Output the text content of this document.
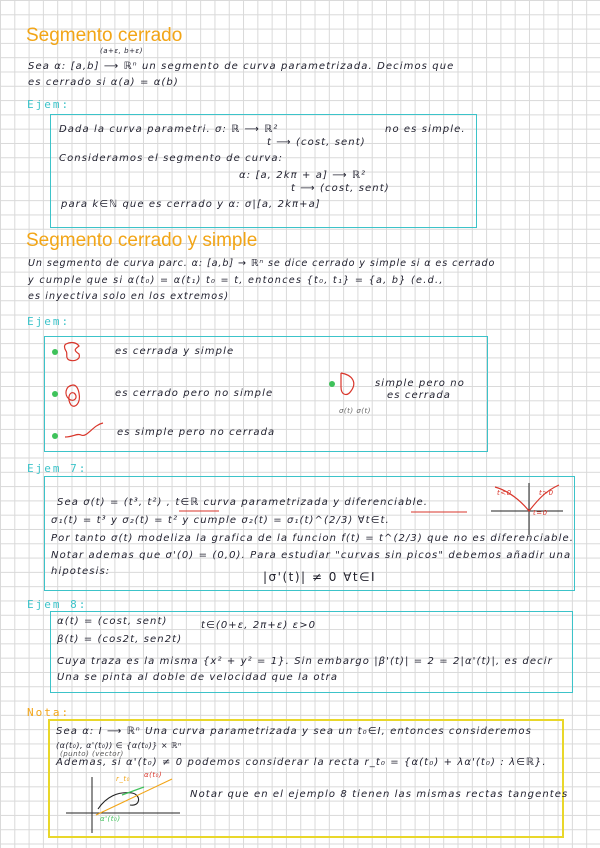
Segmento cerrado
(a+ε, b+ε)
Sea α: [a,b] ⟶ ℝⁿ un segmento de curva parametrizada. Decimos que
es cerrado si α(a) = α(b)
Ejem:
Dada la curva parametri. σ: ℝ ⟶ ℝ²	no es simple.
t ⟶ (cost, sent)
Consideramos el segmento de curva:
α: [a, 2kπ + a] ⟶ ℝ²
t ⟶ (cost, sent)
para k∈ℕ que es cerrado y α: σ|[a, 2kπ+a]
Segmento cerrado y simple
Un segmento de curva parc. α: [a,b] → ℝⁿ se dice cerrado y simple si α es cerrado
y cumple que si α(t₀) = α(t₁) t₀ = t, entonces {t₀, t₁} = {a, b} (e.d.,
es inyectiva solo en los extremos)
Ejem:
es cerrada y simple
es cerrado pero no simple
es simple pero no cerrada
σ(t) σ(t)
simple pero no
es cerrada
Ejem 7:
Sea σ(t) = (t³, t²) , t∈ℝ curva parametrizada y diferenciable.
σ₁(t) = t³ y σ₂(t) = t² y cumple σ₂(t) = σ₁(t)^(2/3) ∀t∈t.
Por tanto σ(t) modeliza la grafica de la funcion f(t) = t^(2/3) que no es diferenciable.
Notar ademas que σ'(0) = (0,0). Para estudiar "curvas sin picos" debemos añadir una
hipotesis:	|σ'(t)| ≠ 0 ∀t∈I
t<0	t>0
t=0
Ejem 8:
α(t) = (cost, sent)	t∈(0+ε, 2π+ε) ε>0
β(t) = (cos2t, sen2t)
Cuya traza es la misma {x² + y² = 1}. Sin embargo |β'(t)| = 2 = 2|α'(t)|, es decir
Una se pinta al doble de velocidad que la otra
Nota:
Sea α: I ⟶ ℝⁿ Una curva parametrizada y sea un t₀∈I, entonces consideremos
(α(t₀), α'(t₀)) ∈ {α(t₀)} × ℝⁿ
(punto) (vector)
Ademas, si α'(t₀) ≠ 0 podemos considerar la recta r_t₀ = {α(t₀) + λα'(t₀) : λ∈ℝ}.
r_t₀ α(t₀)
α'(t₀)
Notar que en el ejemplo 8 tienen las mismas rectas tangentes
